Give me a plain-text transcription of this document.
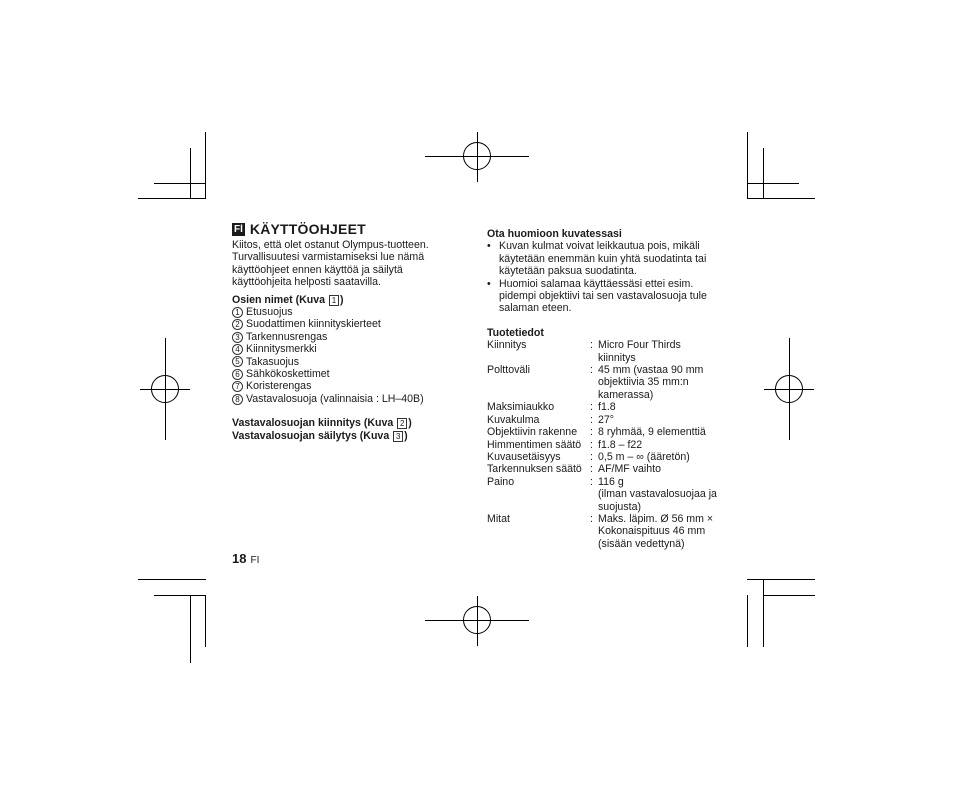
Fl KÄYTTÖOHJEET
Kiitos, että olet ostanut Olympus-tuotteen.
Turvallisuutesi varmistamiseksi lue nämä
käyttöohjeet ennen käyttöä ja säilytä
käyttöohjeita helposti saatavilla.
Osien nimet (Kuva 1 )
1 Etusuojus
2 Suodattimen kiinnityskierteet
3 Tarkennusrengas
4 Kiinnitysmerkki
5 Takasuojus
6 Sähkökoskettimet
7 Koristerengas
8 Vastavalosuoja (valinnaisia : LH–40B)
Vastavalosuojan kiinnitys (Kuva 2 )
Vastavalosuojan säilytys (Kuva 3 )
Ota huomioon kuvatessasi
• Kuvan kulmat voivat leikkautua pois, mikäli
käytetään enemmän kuin yhtä suodatinta tai
käytetään paksua suodatinta.
• Huomioi salamaa käyttäessäsi ettei esim.
pidempi objektiivi tai sen vastavalosuoja tule
salaman eteen.
Tuotetiedot
Kiinnitys	: Micro Four Thirds
kiinnitys
Polttoväli	: 45 mm (vastaa 90 mm
objektiivia 35 mm:n
kamerassa)
Maksimiaukko	: f1.8
Kuvakulma	: 27°
Objektiivin rakenne	: 8 ryhmää, 9 elementtiä
Himmentimen säätö : f1.8 – f22
Kuvausetäisyys	: 0,5 m – ∞ (ääretön)
Tarkennuksen säätö : AF/MF vaihto
Paino	: 116 g
(ilman vastavalosuojaa ja
suojusta)
Mitat	: Maks. läpim. Ø 56 mm ×
Kokonaispituus 46 mm
(sisään vedettynä)
18 FI
